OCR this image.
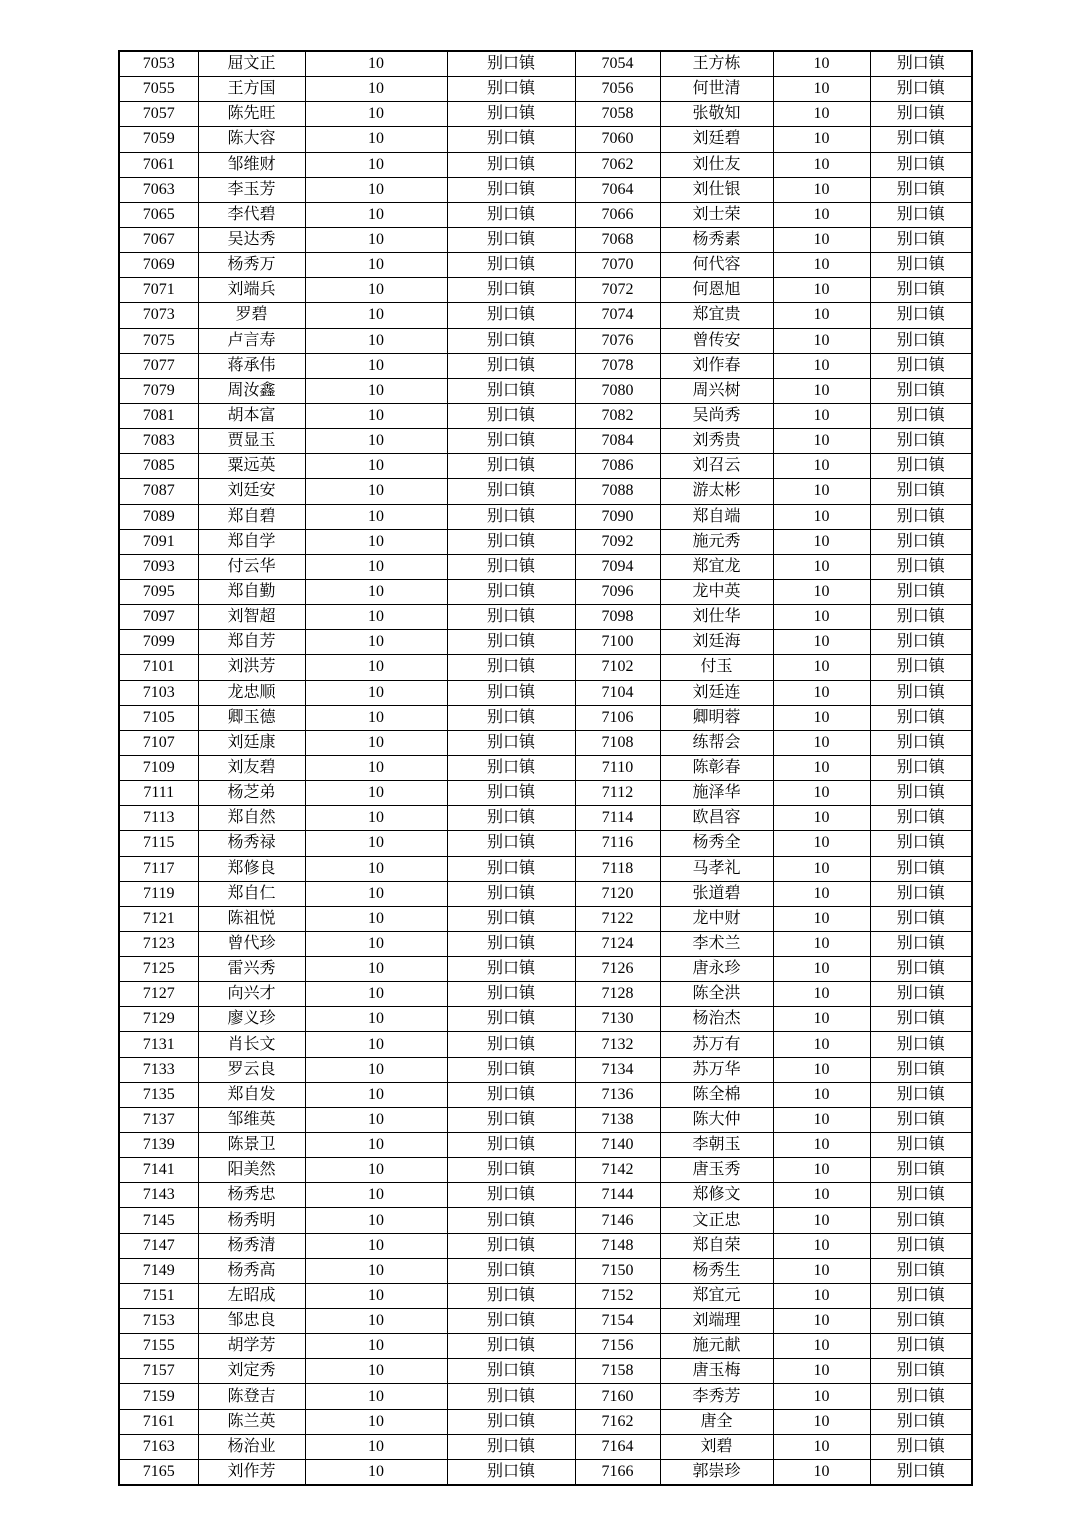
7053	屈文正	10	别口镇	7054	王方栋	10	别口镇
7055	王方国	10	别口镇	7056	何世清	10	别口镇
7057	陈先旺	10	别口镇	7058	张敬知	10	别口镇
7059	陈大容	10	别口镇	7060	刘廷碧	10	别口镇
7061	邹维财	10	别口镇	7062	刘仕友	10	别口镇
7063	李玉芳	10	别口镇	7064	刘仕银	10	别口镇
7065	李代碧	10	别口镇	7066	刘士荣	10	别口镇
7067	吴达秀	10	别口镇	7068	杨秀素	10	别口镇
7069	杨秀万	10	别口镇	7070	何代容	10	别口镇
7071	刘端兵	10	别口镇	7072	何恩旭	10	别口镇
7073	罗碧	10	别口镇	7074	郑宜贵	10	别口镇
7075	卢言寿	10	别口镇	7076	曾传安	10	别口镇
7077	蒋承伟	10	别口镇	7078	刘作春	10	别口镇
7079	周汝鑫	10	别口镇	7080	周兴树	10	别口镇
7081	胡本富	10	别口镇	7082	吴尚秀	10	别口镇
7083	贾显玉	10	别口镇	7084	刘秀贵	10	别口镇
7085	粟远英	10	别口镇	7086	刘召云	10	别口镇
7087	刘廷安	10	别口镇	7088	游太彬	10	别口镇
7089	郑自碧	10	别口镇	7090	郑自端	10	别口镇
7091	郑自学	10	别口镇	7092	施元秀	10	别口镇
7093	付云华	10	别口镇	7094	郑宜龙	10	别口镇
7095	郑自勤	10	别口镇	7096	龙中英	10	别口镇
7097	刘智超	10	别口镇	7098	刘仕华	10	别口镇
7099	郑自芳	10	别口镇	7100	刘廷海	10	别口镇
7101	刘洪芳	10	别口镇	7102	付玉	10	别口镇
7103	龙忠顺	10	别口镇	7104	刘廷连	10	别口镇
7105	卿玉德	10	别口镇	7106	卿明蓉	10	别口镇
7107	刘廷康	10	别口镇	7108	练帮会	10	别口镇
7109	刘友碧	10	别口镇	7110	陈彰春	10	别口镇
7111	杨芝弟	10	别口镇	7112	施泽华	10	别口镇
7113	郑自然	10	别口镇	7114	欧昌容	10	别口镇
7115	杨秀禄	10	别口镇	7116	杨秀全	10	别口镇
7117	郑修良	10	别口镇	7118	马孝礼	10	别口镇
7119	郑自仁	10	别口镇	7120	张道碧	10	别口镇
7121	陈祖悦	10	别口镇	7122	龙中财	10	别口镇
7123	曾代珍	10	别口镇	7124	李术兰	10	别口镇
7125	雷兴秀	10	别口镇	7126	唐永珍	10	别口镇
7127	向兴才	10	别口镇	7128	陈全洪	10	别口镇
7129	廖义珍	10	别口镇	7130	杨治杰	10	别口镇
7131	肖长文	10	别口镇	7132	苏万有	10	别口镇
7133	罗云良	10	别口镇	7134	苏万华	10	别口镇
7135	郑自发	10	别口镇	7136	陈全棉	10	别口镇
7137	邹维英	10	别口镇	7138	陈大仲	10	别口镇
7139	陈景卫	10	别口镇	7140	李朝玉	10	别口镇
7141	阳美然	10	别口镇	7142	唐玉秀	10	别口镇
7143	杨秀忠	10	别口镇	7144	郑修文	10	别口镇
7145	杨秀明	10	别口镇	7146	文正忠	10	别口镇
7147	杨秀清	10	别口镇	7148	郑自荣	10	别口镇
7149	杨秀高	10	别口镇	7150	杨秀生	10	别口镇
7151	左昭成	10	别口镇	7152	郑宜元	10	别口镇
7153	邹忠良	10	别口镇	7154	刘端理	10	别口镇
7155	胡学芳	10	别口镇	7156	施元献	10	别口镇
7157	刘定秀	10	别口镇	7158	唐玉梅	10	别口镇
7159	陈登吉	10	别口镇	7160	李秀芳	10	别口镇
7161	陈兰英	10	别口镇	7162	唐全	10	别口镇
7163	杨治业	10	别口镇	7164	刘碧	10	别口镇
7165	刘作芳	10	别口镇	7166	郭崇珍	10	别口镇
